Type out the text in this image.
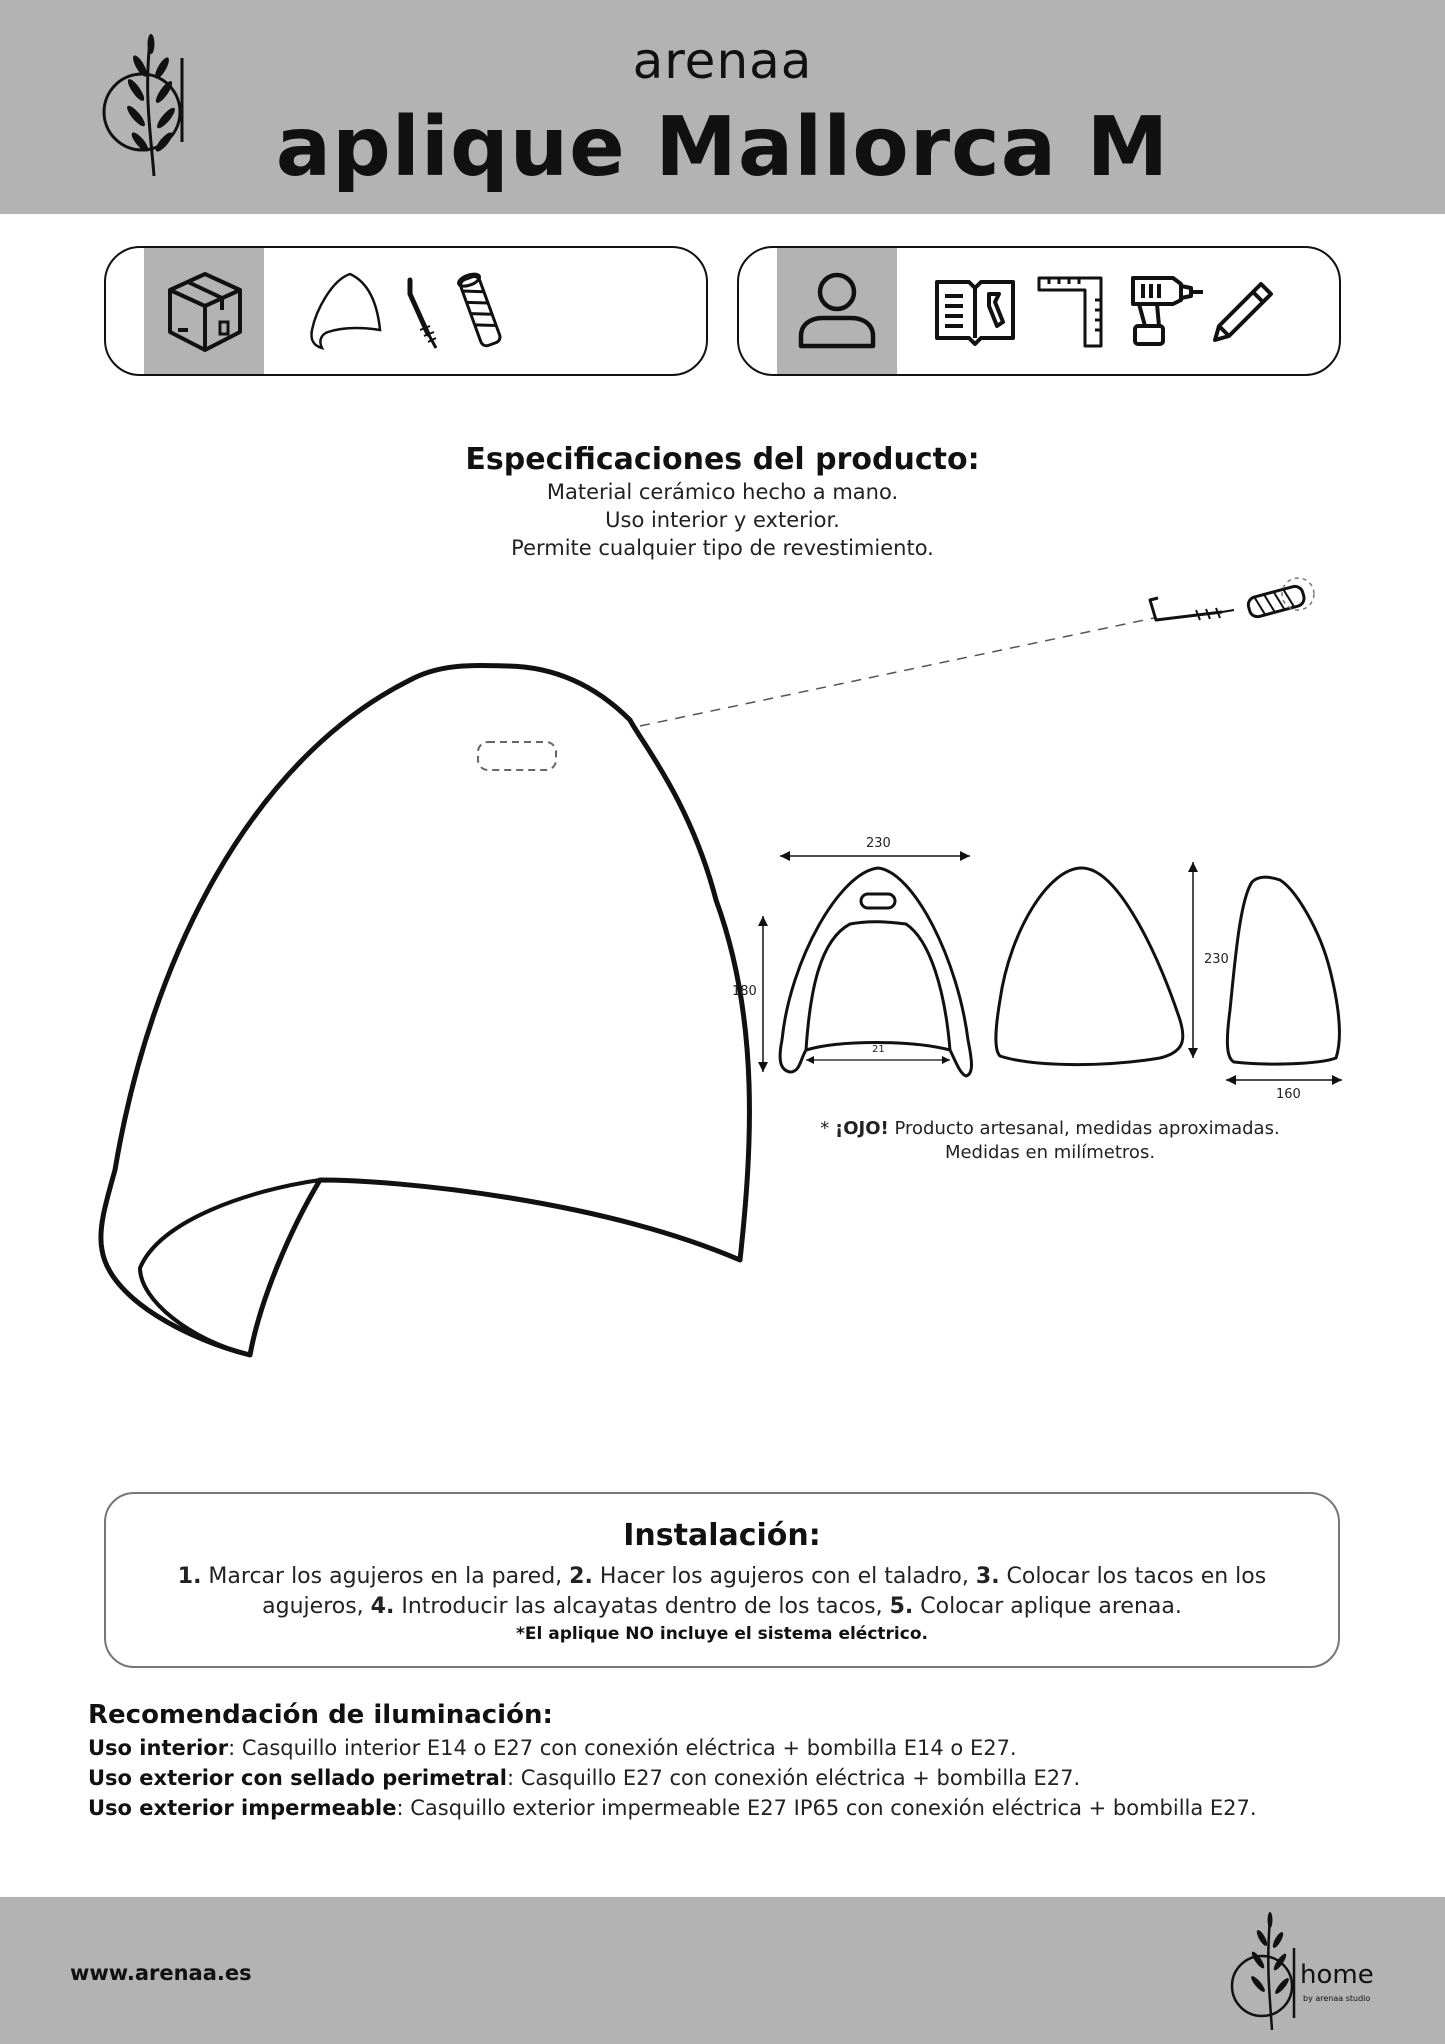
arenaa
aplique Mallorca M
Especificaciones del producto:
Material cerámico hecho a mano.
Uso interior y exterior.
Permite cualquier tipo de revestimiento.
230
180
21
230
160
* ¡OJO! Producto artesanal, medidas aproximadas.
Medidas en milímetros.
Instalación:
1. Marcar los agujeros en la pared, 2. Hacer los agujeros con el taladro, 3. Colocar los tacos en los agujeros, 4. Introducir las alcayatas dentro de los tacos, 5. Colocar aplique arenaa.
*El aplique NO incluye el sistema eléctrico.
Recomendación de iluminación:
Uso interior: Casquillo interior E14 o E27 con conexión eléctrica + bombilla E14 o E27.
Uso exterior con sellado perimetral: Casquillo E27 con conexión eléctrica + bombilla E27.
Uso exterior impermeable: Casquillo exterior impermeable E27 IP65 con conexión eléctrica + bombilla E27.
www.arenaa.es	home
by arenaa studio
